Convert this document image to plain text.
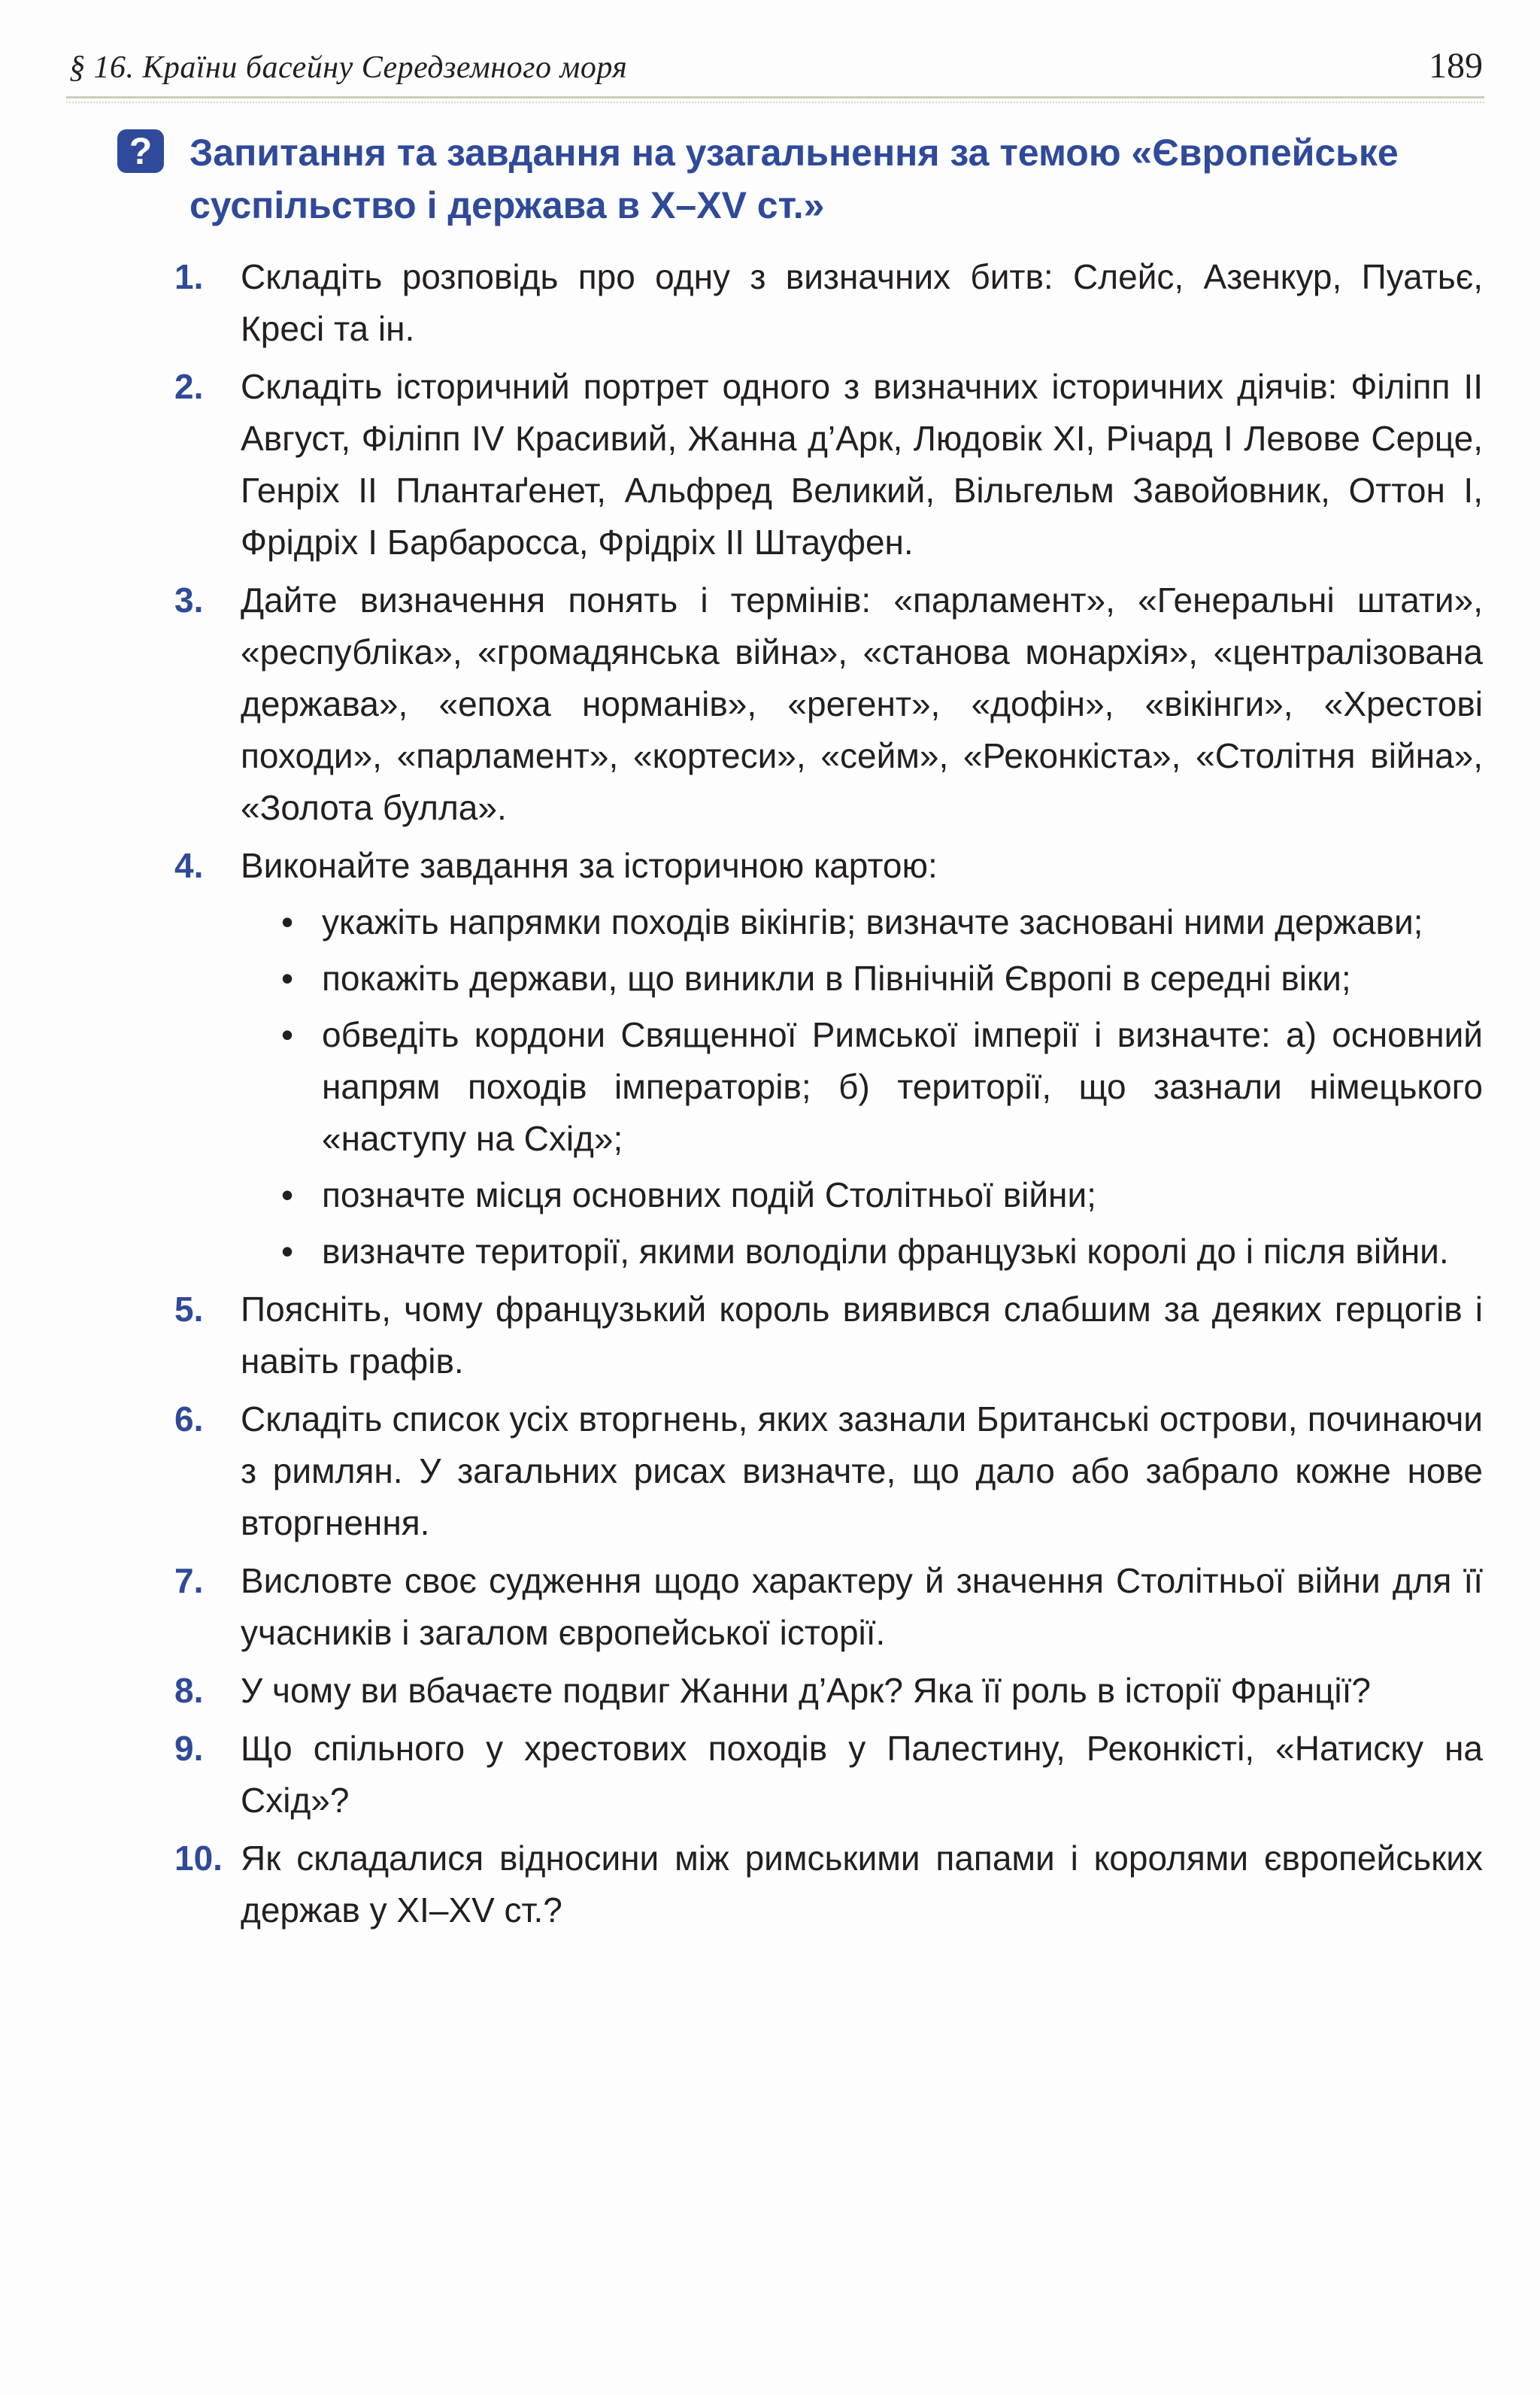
§ 16. Країни басейну Середземного моря	189
? Запитання та завдання на узагальнення за темою «Європейське суспільство і держава в X–XV ст.»
1. Складіть розповідь про одну з визначних битв: Слейс, Азенкур, Пуатьє, Кресі та ін.
2. Складіть історичний портрет одного з визначних історичних діячів: Філіпп II Август, Філіпп IV Красивий, Жанна д’Арк, Людовік XI, Річард I Левове Серце, Генріх II Плантаґенет, Альфред Великий, Вільгельм Завойовник, Оттон I, Фрідріх I Барбаросса, Фрідріх II Штауфен.
3. Дайте визначення понять і термінів: «парламент», «Генеральні штати», «республіка», «громадянська війна», «станова монархія», «централізована держава», «епоха норманів», «регент», «дофін», «вікінги», «Хрестові походи», «парламент», «кортеси», «сейм», «Реконкіста», «Столітня війна», «Золота булла».
4. Виконайте завдання за історичною картою:
• укажіть напрямки походів вікінгів; визначте засновані ними держави;
• покажіть держави, що виникли в Північній Європі в середні віки;
• обведіть кордони Священної Римської імперії і визначте: а) основний напрям походів імператорів; б) території, що зазнали німецького «наступу на Схід»;
• позначте місця основних подій Столітньої війни;
• визначте території, якими володіли французькі королі до і після війни.
5. Поясніть, чому французький король виявився слабшим за деяких герцогів і навіть графів.
6. Складіть список усіх вторгнень, яких зазнали Британські острови, починаючи з римлян. У загальних рисах визначте, що дало або забрало кожне нове вторгнення.
7. Висловте своє судження щодо характеру й значення Столітньої війни для її учасників і загалом європейської історії.
8. У чому ви вбачаєте подвиг Жанни д’Арк? Яка її роль в історії Франції?
9. Що спільного у хрестових походів у Палестину, Реконкісті, «Натиску на Схід»?
10. Як складалися відносини між римськими папами і королями європейських держав у XI–XV ст.?
